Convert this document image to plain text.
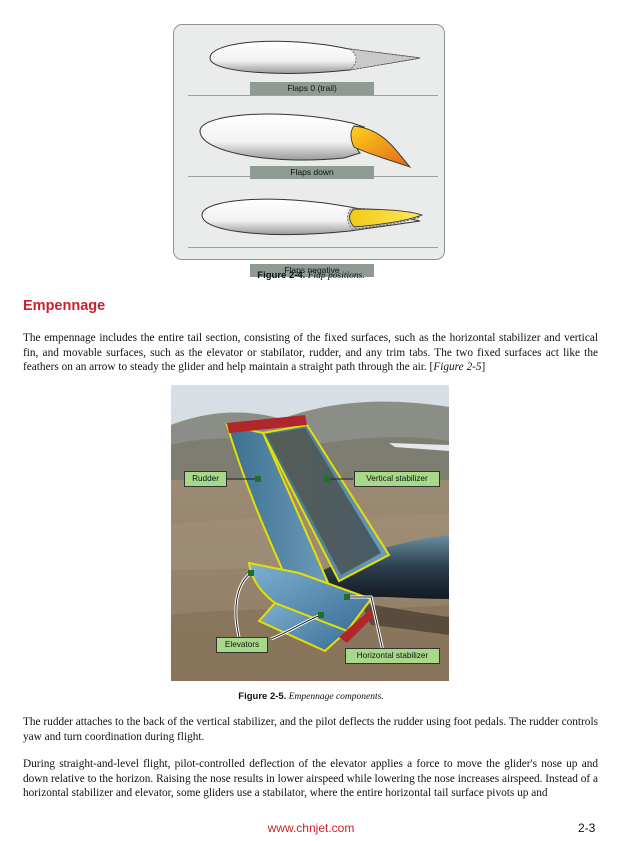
Flaps 0 (trail)
Flaps down
Flaps negative
Figure 2-4. Flap positions.
Empennage
The empennage includes the entire tail section, consisting of the fixed surfaces, such as the horizontal stabilizer and vertical fin, and movable surfaces, such as the elevator or stabilator, rudder, and any trim tabs. The two fixed surfaces act like the feathers on an arrow to steady the glider and help maintain a straight path through the air. [Figure 2-5]
Rudder	Vertical stabilizer
Elevators
Horizontal stabilizer
Figure 2-5. Empennage components.
The rudder attaches to the back of the vertical stabilizer, and the pilot deflects the rudder using foot pedals. The rudder controls yaw and turn coordination during flight.
During straight-and-level flight, pilot-controlled deflection of the elevator applies a force to move the glider's nose up and down relative to the horizon. Raising the nose results in lower airspeed while lowering the nose increases airspeed. Instead of a horizontal stabilizer and elevator, some gliders use a stabilator, where the entire horizontal tail surface pivots up and
www.chnjet.com	2-3
